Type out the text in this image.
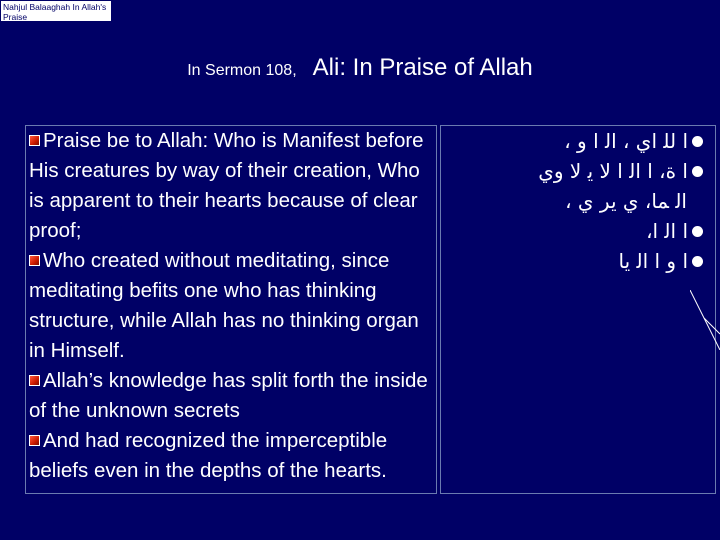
Nahjul Balaaghah In Allah's Praise
In Sermon 108, Ali: In Praise of Allah

Praise be to Allah: Who is Manifest before His creatures by way of their creation, Who is apparent to their hearts because of clear proof;

Who created without meditating, since meditating befits one who has thinking structure, while Allah has no thinking organ in Himself.

Allah’s knowledge has split forth the inside of the unknown secrets

And had recognized the imperceptible beliefs even in the depths of the hearts.

ا ﻟﻠ اي ، ﺍﻟ ﺍ ﻭ ،
ﺍ ﺓ، ﺍ ﺍﻟ ﺍ ﻻ ﻳ ﻻ ﻭﻱ
ﺍﻟ ﻤﺎ، ﻱ ﻳﺮ ﻱ ،
ﺍ ﺍﻟ ﺍ،
ﺍ ﻭ ﺍ ﺍﻟ ﻳﺎ
